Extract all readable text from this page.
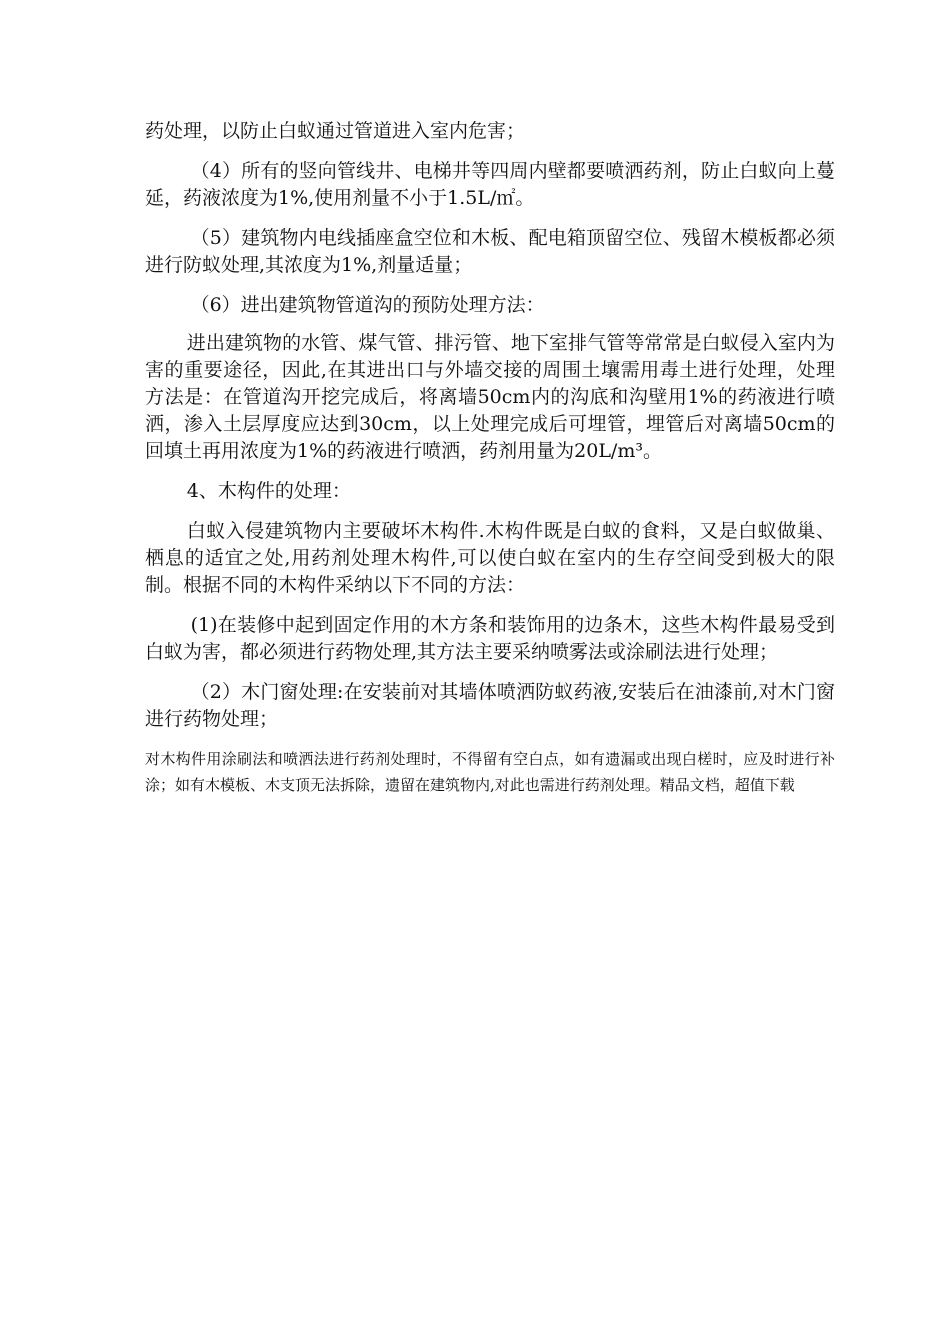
药处理，以防止白蚁通过管道进入室内危害；

（4）所有的竖向管线井、电梯井等四周内壁都要喷洒药剂，防止白蚁向上蔓延，药液浓度为1%,使用剂量不小于1.5L/㎡。

（5）建筑物内电线插座盒空位和木板、配电箱顶留空位、残留木模板都必须进行防蚁处理,其浓度为1%,剂量适量；

（6）进出建筑物管道沟的预防处理方法：

进出建筑物的水管、煤气管、排污管、地下室排气管等常常是白蚁侵入室内为害的重要途径，因此,在其进出口与外墙交接的周围土壤需用毒土进行处理，处理方法是：在管道沟开挖完成后，将离墙50cm内的沟底和沟壁用1%的药液进行喷洒，渗入土层厚度应达到30cm，以上处理完成后可埋管，埋管后对离墙50cm的回填土再用浓度为1%的药液进行喷洒，药剂用量为20L/m³。

4、木构件的处理：

白蚁入侵建筑物内主要破坏木构件.木构件既是白蚁的食料，又是白蚁做巢、栖息的适宜之处,用药剂处理木构件,可以使白蚁在室内的生存空间受到极大的限制。根据不同的木构件采纳以下不同的方法：

(1)在装修中起到固定作用的木方条和装饰用的边条木，这些木构件最易受到白蚁为害，都必须进行药物处理,其方法主要采纳喷雾法或涂刷法进行处理；

（2）木门窗处理:在安装前对其墙体喷洒防蚁药液,安装后在油漆前,对木门窗进行药物处理；

对木构件用涂刷法和喷洒法进行药剂处理时，不得留有空白点，如有遗漏或出现白槎时，应及时进行补涂；如有木模板、木支顶无法拆除，遗留在建筑物内,对此也需进行药剂处理。精品文档，超值下载
